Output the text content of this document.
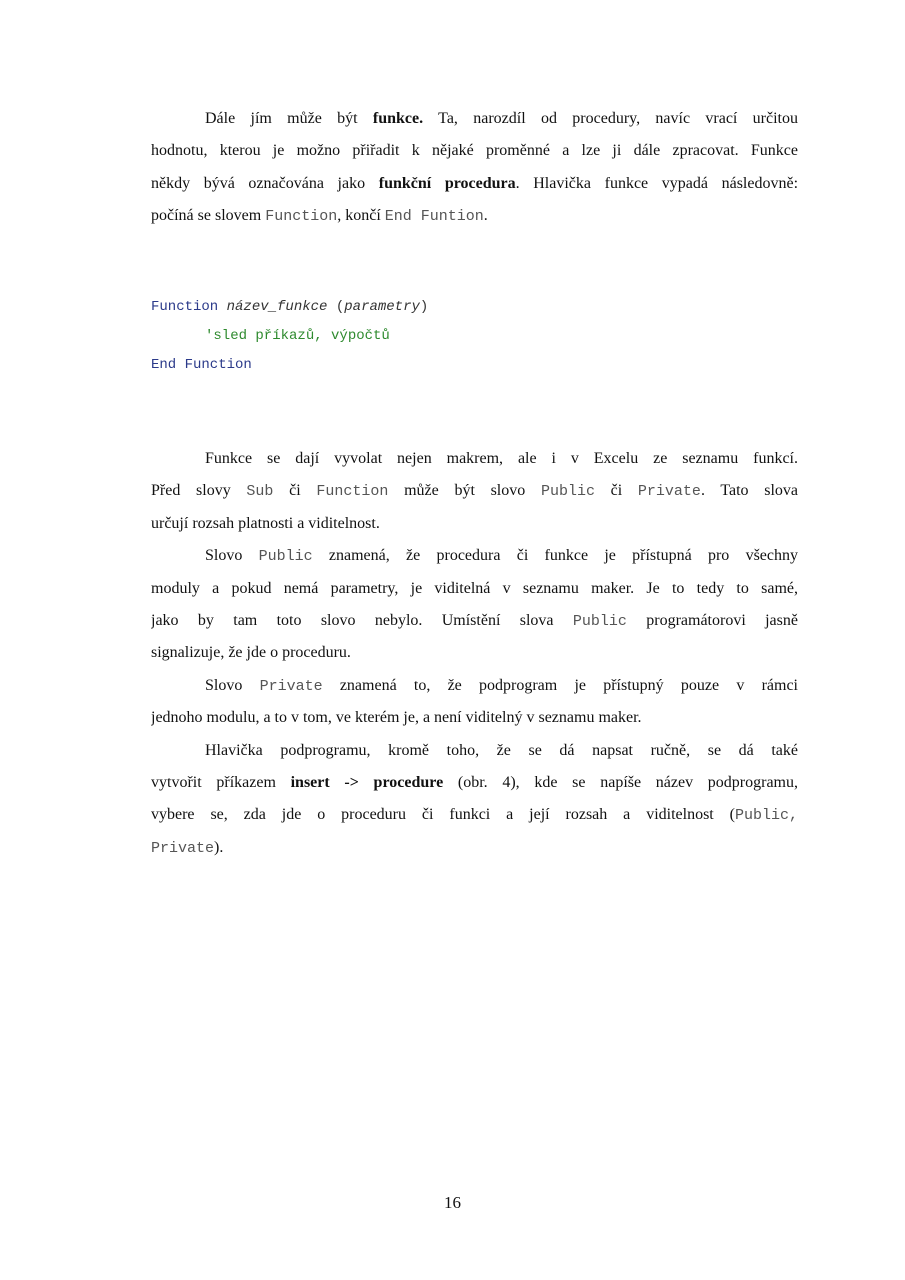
Dále jím může být funkce. Ta, narozdíl od procedury, navíc vrací určitou
hodnotu, kterou je možno přiřadit k nějaké proměnné a lze ji dále zpracovat. Funkce
někdy bývá označována jako funkční procedura. Hlavička funkce vypadá následovně:
počíná se slovem Function, končí End Funtion.
Function název_funkce (parametry)
'sled příkazů, výpočtů
End Function
Funkce se dají vyvolat nejen makrem, ale i v Excelu ze seznamu funkcí.
Před slovy Sub či Function může být slovo Public či Private. Tato slova
určují rozsah platnosti a viditelnost.
Slovo Public znamená, že procedura či funkce je přístupná pro všechny
moduly a pokud nemá parametry, je viditelná v seznamu maker. Je to tedy to samé,
jako by tam toto slovo nebylo. Umístění slova Public programátorovi jasně
signalizuje, že jde o proceduru.
Slovo Private znamená to, že podprogram je přístupný pouze v rámci
jednoho modulu, a to v tom, ve kterém je, a není viditelný v seznamu maker.
Hlavička podprogramu, kromě toho, že se dá napsat ručně, se dá také
vytvořit příkazem insert -> procedure (obr. 4), kde se napíše název podprogramu,
vybere se, zda jde o proceduru či funkci a její rozsah a viditelnost (Public,
Private).
16
